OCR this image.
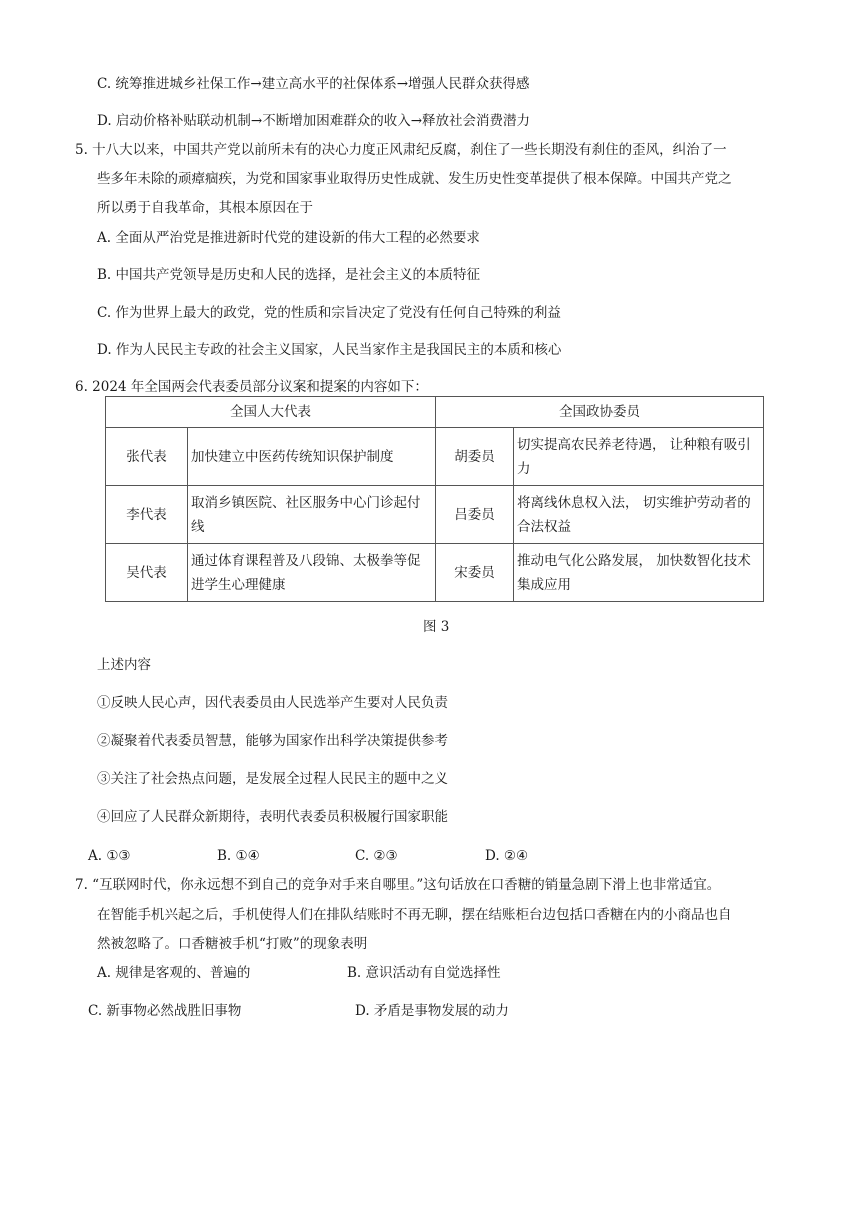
C. 统筹推进城乡社保工作→建立高水平的社保体系→增强人民群众获得感
D. 启动价格补贴联动机制→不断增加困难群众的收入→释放社会消费潜力
5. 十八大以来，中国共产党以前所未有的决心力度正风肃纪反腐，刹住了一些长期没有刹住的歪风，纠治了一
些多年未除的顽瘴痼疾，为党和国家事业取得历史性成就、发生历史性变革提供了根本保障。中国共产党之
所以勇于自我革命，其根本原因在于
A. 全面从严治党是推进新时代党的建设新的伟大工程的必然要求
B. 中国共产党领导是历史和人民的选择，是社会主义的本质特征
C. 作为世界上最大的政党，党的性质和宗旨决定了党没有任何自己特殊的利益
D. 作为人民民主专政的社会主义国家，人民当家作主是我国民主的本质和核心
6. 2024 年全国两会代表委员部分议案和提案的内容如下：
全国人大代表		全国政协委员	
张代表	加快建立中医药传统知识保护制度	胡委员	切实提高农民养老待遇， 让种粮有吸引力
李代表	取消乡镇医院、社区服务中心门诊起付线	吕委员	将离线休息权入法， 切实维护劳动者的合法权益
吴代表	通过体育课程普及八段锦、太极拳等促进学生心理健康	宋委员	推动电气化公路发展， 加快数智化技术集成应用
图 3
上述内容
①反映人民心声，因代表委员由人民选举产生要对人民负责
②凝聚着代表委员智慧，能够为国家作出科学决策提供参考
③关注了社会热点问题，是发展全过程人民民主的题中之义
④回应了人民群众新期待，表明代表委员积极履行国家职能
A. ①③	B. ①④	C. ②③	D. ②④
7. “互联网时代，你永远想不到自己的竞争对手来自哪里。”这句话放在口香糖的销量急剧下滑上也非常适宜。
在智能手机兴起之后，手机使得人们在排队结账时不再无聊，摆在结账柜台边包括口香糖在内的小商品也自
然被忽略了。口香糖被手机“打败”的现象表明
A. 规律是客观的、普遍的	B. 意识活动有自觉选择性
C. 新事物必然战胜旧事物	D. 矛盾是事物发展的动力
